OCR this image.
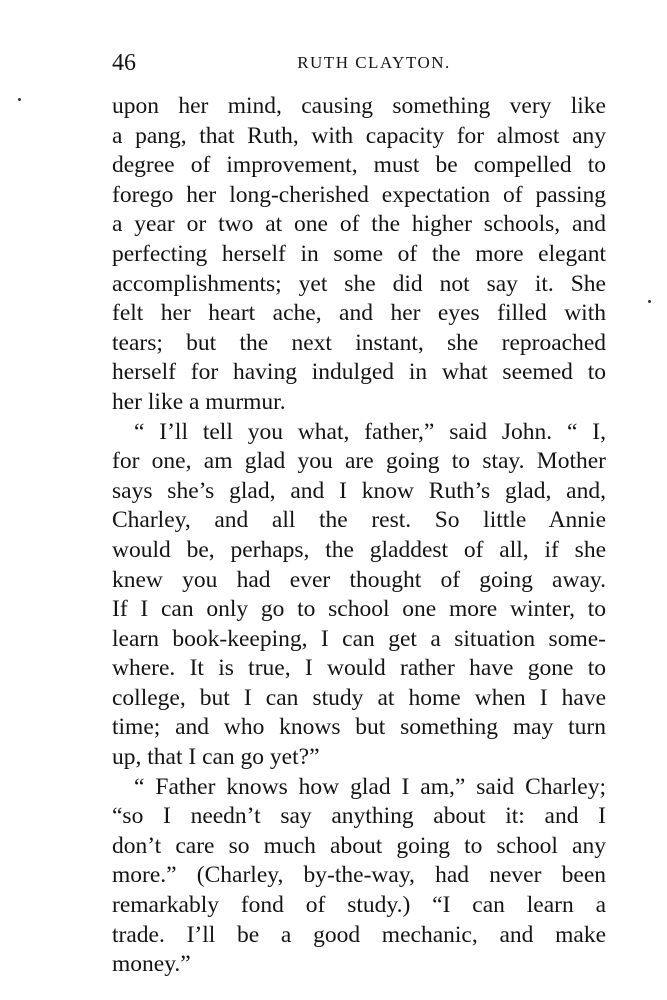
46	RUTH CLAYTON.
upon her mind, causing something very like
a pang, that Ruth, with capacity for almost any
degree of improvement, must be compelled to
forego her long-cherished expectation of passing
a year or two at one of the higher schools, and
perfecting herself in some of the more elegant
accomplishments; yet she did not say it. She
felt her heart ache, and her eyes filled with
tears; but the next instant, she reproached
herself for having indulged in what seemed to
her like a murmur.
“ I’ll tell you what, father,” said John. “ I,
for one, am glad you are going to stay. Mother
says she’s glad, and I know Ruth’s glad, and,
Charley, and all the rest. So little Annie
would be, perhaps, the gladdest of all, if she
knew you had ever thought of going away.
If I can only go to school one more winter, to
learn book-keeping, I can get a situation some-
where. It is true, I would rather have gone to
college, but I can study at home when I have
time; and who knows but something may turn
up, that I can go yet?”
“ Father knows how glad I am,” said Charley;
“so I needn’t say anything about it: and I
don’t care so much about going to school any
more.” (Charley, by-the-way, had never been
remarkably fond of study.) “I can learn a
trade. I’ll be a good mechanic, and make
money.”
